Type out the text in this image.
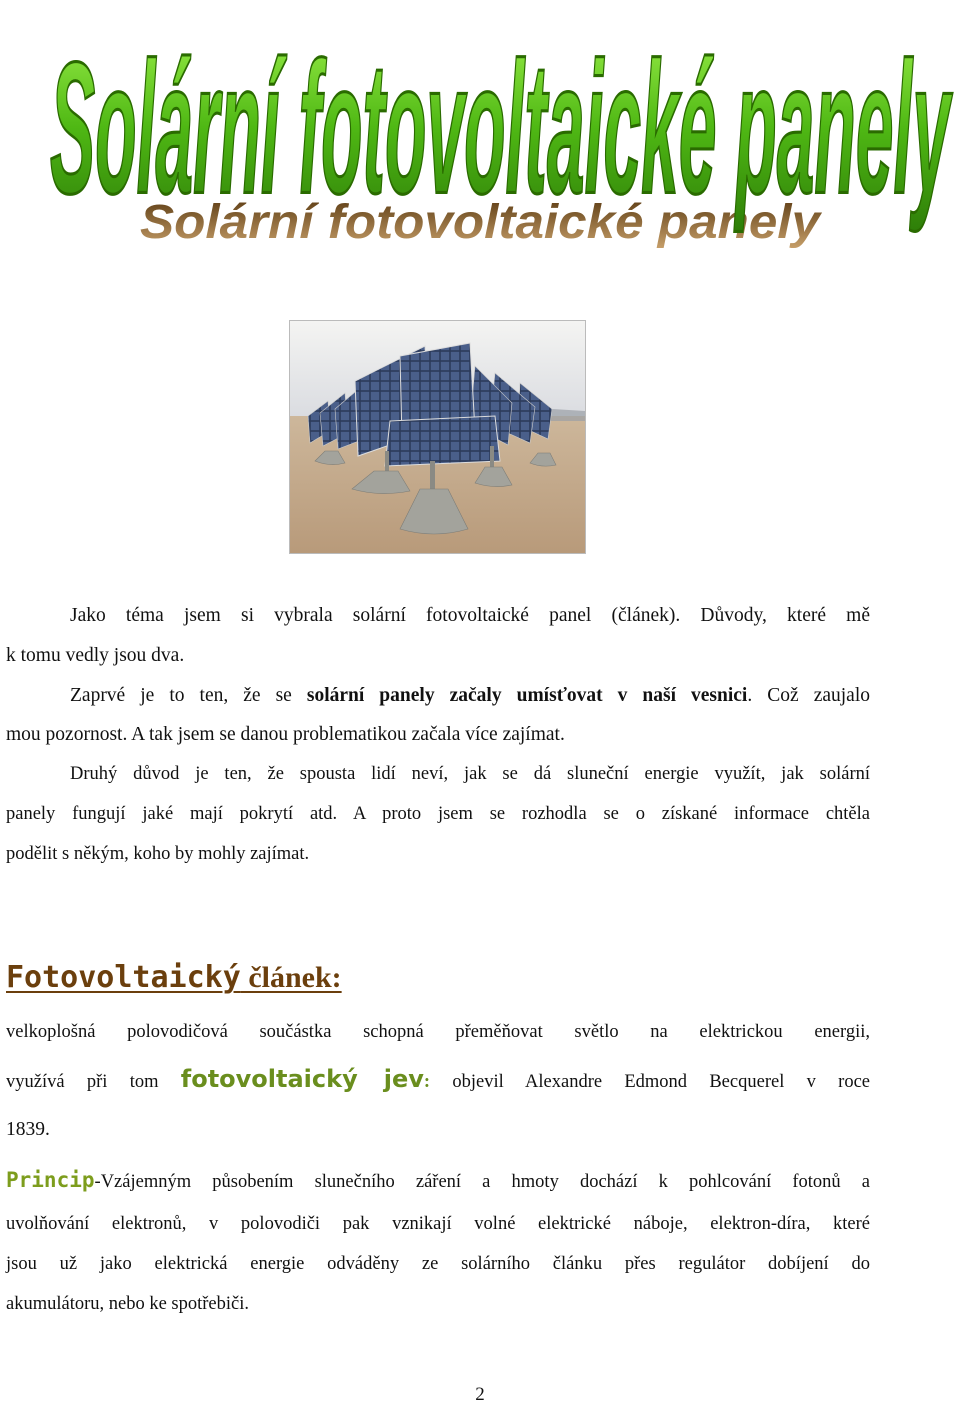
Solární fotovoltaické panely
Solární fotovoltaické panely
Jako téma jsem si vybrala solární fotovoltaické panel (článek). Důvody, které mě
k tomu vedly jsou dva.
Zaprvé je to ten, že se solární panely začaly umísťovat v naší vesnici. Což zaujalo
mou pozornost. A tak jsem se danou problematikou začala více zajímat.
Druhý důvod je ten, že spousta lidí neví, jak se dá sluneční energie využít, jak solární
panely fungují jaké mají pokrytí atd. A proto jsem se rozhodla se o získané informace chtěla
podělit s někým, koho by mohly zajímat.
Fotovoltaický článek:
velkoplošná polovodičová součástka schopná přeměňovat světlo na elektrickou energii,
využívá při tom fotovoltaický jev: objevil Alexandre Edmond Becquerel v roce
1839.
Princip-Vzájemným působením slunečního záření a hmoty dochází k pohlcování fotonů a
uvolňování elektronů, v polovodiči pak vznikají volné elektrické náboje, elektron-díra, které
jsou už jako elektrická energie odváděny ze solárního článku přes regulátor dobíjení do
akumulátoru, nebo ke spotřebiči.
2
